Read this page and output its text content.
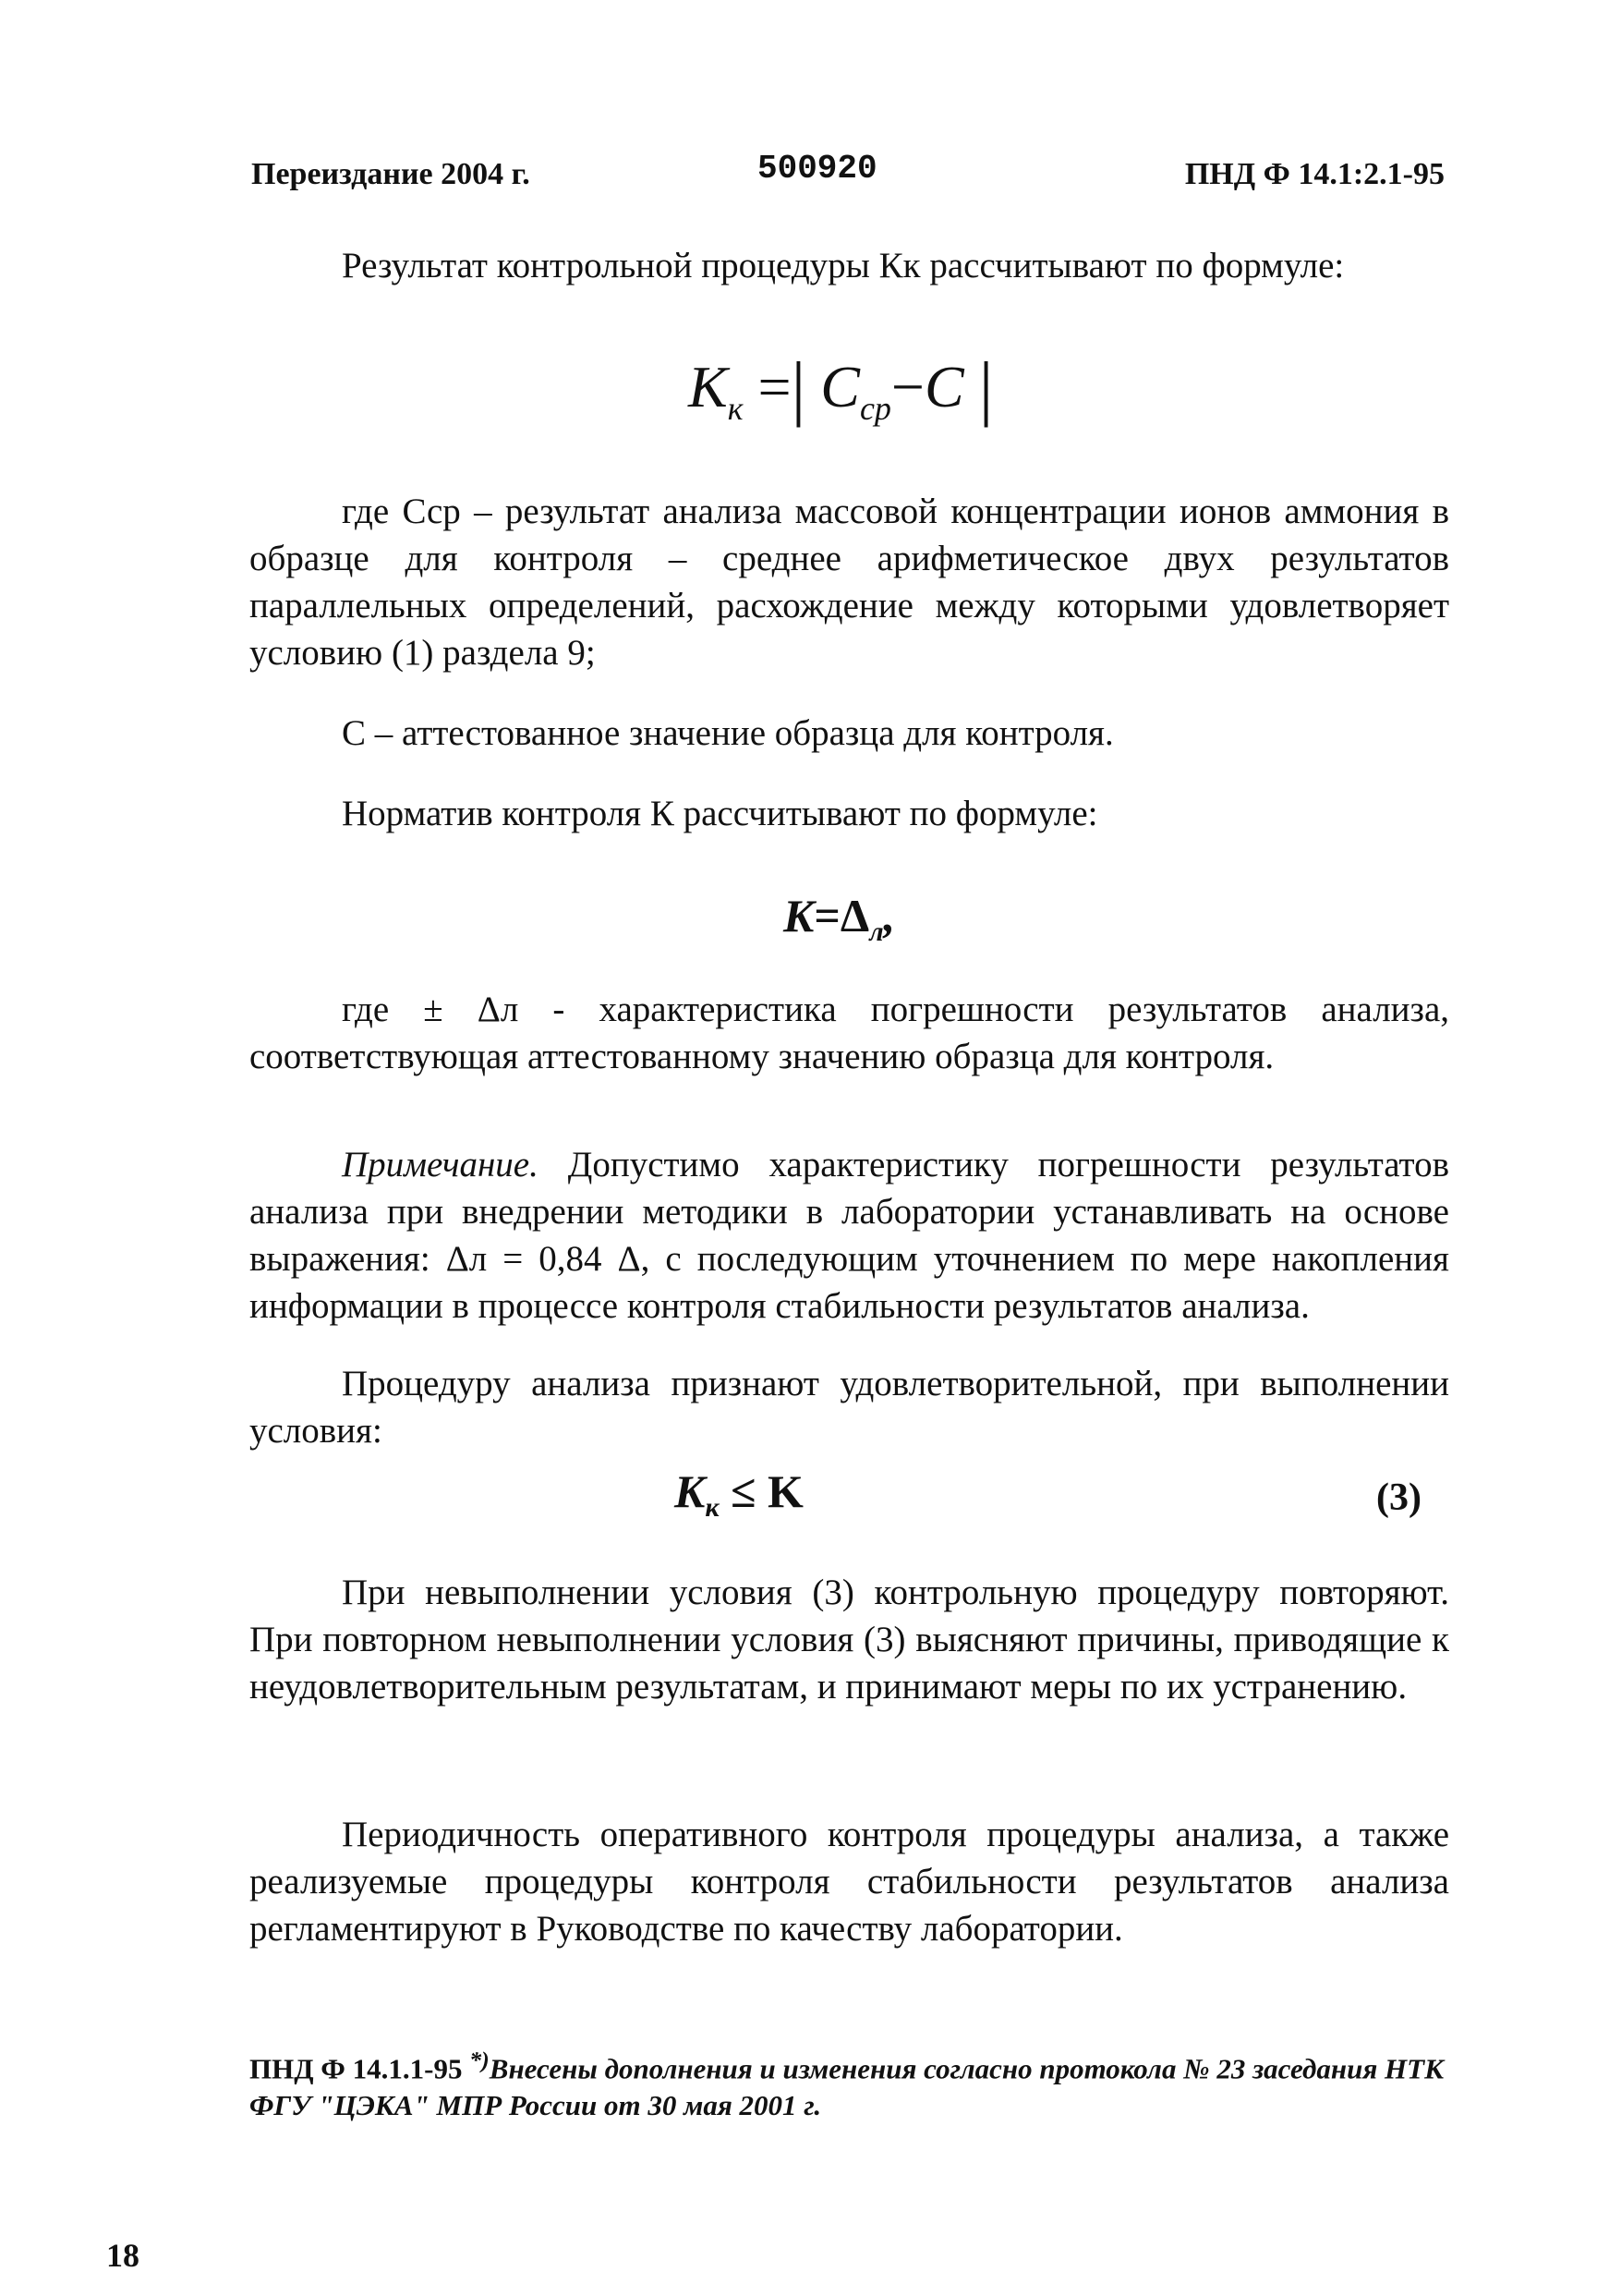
Переиздание 2004 г.	500920	ПНД Ф 14.1:2.1-95
Результат контрольной процедуры Кк рассчитывают по формуле:
$K_к$ =| $C_{ср}-C$ |
где Сср – результат анализа массовой концентрации ионов аммония в образце для контроля – среднее арифметическое двух результатов параллельных определений, расхождение между которыми удовлетворяет условию (1) раздела 9;
С – аттестованное значение образца для контроля.
Норматив контроля К рассчитывают по формуле:
$K=\Delta_л$,
где ± Δл - характеристика погрешности результатов анализа, соответствующая аттестованному значению образца для контроля.
Примечание. Допустимо характеристику погрешности результатов анализа при внедрении методики в лаборатории устанавливать на основе выражения: Δл = 0,84 Δ, с последующим уточнением по мере накопления информации в процессе контроля стабильности результатов анализа.
Процедуру анализа признают удовлетворительной, при выполнении условия:
$K_к \le K$	(3)
При невыполнении условия (3) контрольную процедуру повторяют. При повторном невыполнении условия (3) выясняют причины, приводящие к неудовлетворительным результатам, и принимают меры по их устранению.
Периодичность оперативного контроля процедуры анализа, а также реализуемые процедуры контроля стабильности результатов анализа регламентируют в Руководстве по качеству лаборатории.
ПНД Ф 14.1.1-95 *)Внесены дополнения и изменения согласно протокола № 23 заседания НТК ФГУ "ЦЭКА" МПР России от 30 мая 2001 г.
18
